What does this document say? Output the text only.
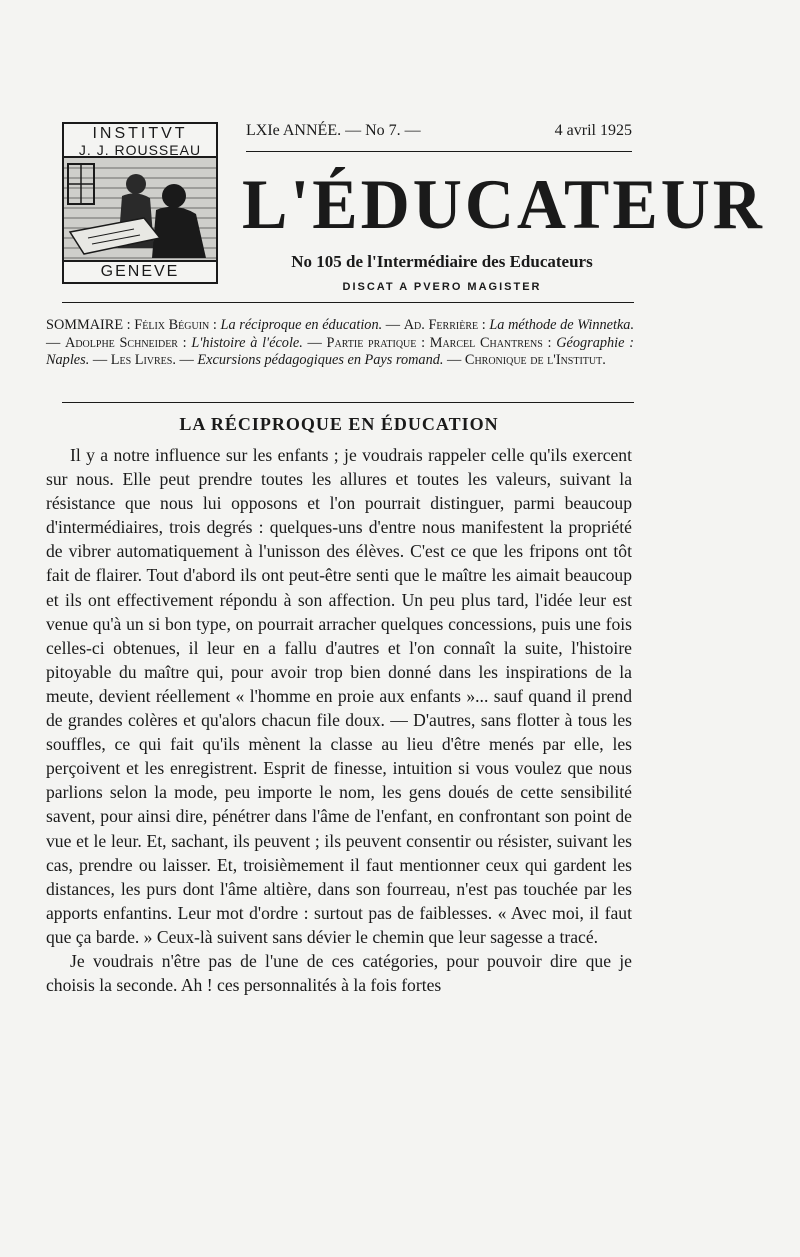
INSTITVT
J. J. ROUSSEAU
GENEVE
LXIe ANNÉE. — No 7. —	4 avril 1925
L'ÉDUCATEUR
No 105 de l'Intermédiaire des Educateurs
DISCAT A PVERO MAGISTER
SOMMAIRE : Félix Béguin : La réciproque en éducation. — Ad. Ferrière : La méthode de Winnetka. — Adolphe Schneider : L'histoire à l'école. — Partie pratique : Marcel Chantrens : Géographie : Naples. — Les Livres. — Excursions pédagogiques en Pays romand. — Chronique de l'Institut.
LA RÉCIPROQUE EN ÉDUCATION

Il y a notre influence sur les enfants ; je voudrais rappeler celle qu'ils exercent sur nous. Elle peut prendre toutes les allures et toutes les valeurs, suivant la résistance que nous lui opposons et l'on pourrait distinguer, parmi beaucoup d'intermédiaires, trois degrés : quelques-uns d'entre nous manifestent la propriété de vibrer automatiquement à l'unisson des élèves. C'est ce que les fripons ont tôt fait de flairer. Tout d'abord ils ont peut-être senti que le maître les aimait beaucoup et ils ont effectivement répondu à son affection. Un peu plus tard, l'idée leur est venue qu'à un si bon type, on pourrait arracher quelques concessions, puis une fois celles-ci obtenues, il leur en a fallu d'autres et l'on connaît la suite, l'histoire pitoyable du maître qui, pour avoir trop bien donné dans les inspirations de la meute, devient réellement « l'homme en proie aux enfants »... sauf quand il prend de grandes colères et qu'alors chacun file doux. — D'autres, sans flotter à tous les souffles, ce qui fait qu'ils mènent la classe au lieu d'être menés par elle, les perçoivent et les enregistrent. Esprit de finesse, intuition si vous voulez que nous parlions selon la mode, peu importe le nom, les gens doués de cette sensibilité savent, pour ainsi dire, pénétrer dans l'âme de l'enfant, en confrontant son point de vue et le leur. Et, sachant, ils peuvent ; ils peuvent consentir ou résister, suivant les cas, prendre ou laisser. Et, troisièmement il faut mentionner ceux qui gardent les distances, les purs dont l'âme altière, dans son fourreau, n'est pas touchée par les apports enfantins. Leur mot d'ordre : surtout pas de faiblesses. « Avec moi, il faut que ça barde. » Ceux-là suivent sans dévier le chemin que leur sagesse a tracé.

Je voudrais n'être pas de l'une de ces catégories, pour pouvoir dire que je choisis la seconde. Ah ! ces personnalités à la fois fortes
